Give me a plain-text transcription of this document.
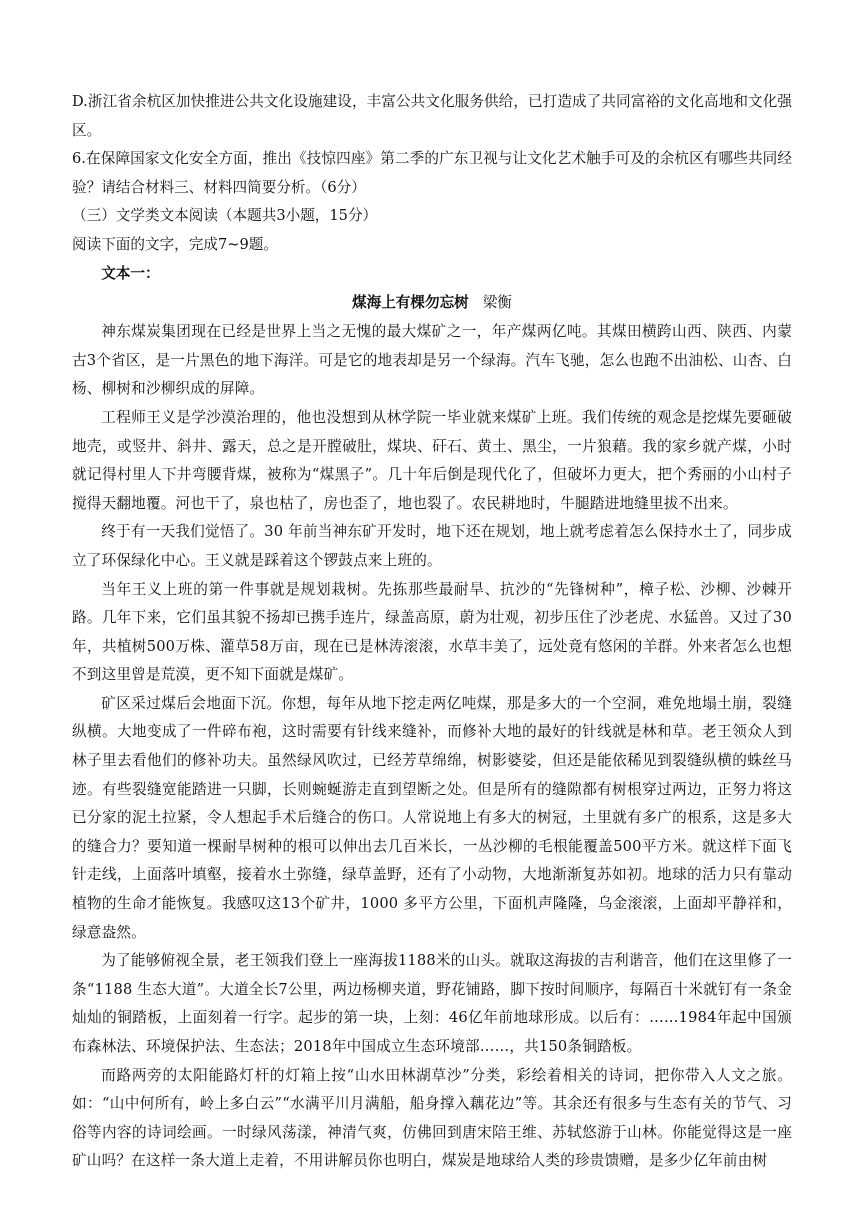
D.浙江省余杭区加快推进公共文化设施建设，丰富公共文化服务供给，已打造成了共同富裕的文化高地和文化强区。

6.在保障国家文化安全方面，推出《技惊四座》第二季的广东卫视与让文化艺术触手可及的余杭区有哪些共同经验？请结合材料三、材料四简要分析。（6分）

（三）文学类文本阅读（本题共3小题，15分）

阅读下面的文字，完成7~9题。

文本一：

煤海上有棵勿忘树 梁衡

神东煤炭集团现在已经是世界上当之无愧的最大煤矿之一，年产煤两亿吨。其煤田横跨山西、陕西、内蒙古3个省区，是一片黑色的地下海洋。可是它的地表却是另一个绿海。汽车飞驰，怎么也跑不出油松、山杏、白杨、柳树和沙柳织成的屏障。

工程师王义是学沙漠治理的，他也没想到从林学院一毕业就来煤矿上班。我们传统的观念是挖煤先要砸破地壳，或竖井、斜井、露天，总之是开膛破肚，煤块、矸石、黄土、黑尘，一片狼藉。我的家乡就产煤，小时就记得村里人下井弯腰背煤，被称为“煤黑子”。几十年后倒是现代化了，但破坏力更大，把个秀丽的小山村子搅得天翻地覆。河也干了，泉也枯了，房也歪了，地也裂了。农民耕地时，牛腿踏进地缝里拔不出来。

终于有一天我们觉悟了。30 年前当神东矿开发时，地下还在规划，地上就考虑着怎么保持水土了，同步成立了环保绿化中心。王义就是踩着这个锣鼓点来上班的。

当年王义上班的第一件事就是规划栽树。先拣那些最耐旱、抗沙的“先锋树种”，樟子松、沙柳、沙棘开路。几年下来，它们虽其貌不扬却已携手连片，绿盖高原，蔚为壮观，初步压住了沙老虎、水猛兽。又过了30年，共植树500万株、灌草58万亩，现在已是林涛滚滚，水草丰美了，远处竟有悠闲的羊群。外来者怎么也想不到这里曾是荒漠，更不知下面就是煤矿。

矿区采过煤后会地面下沉。你想，每年从地下挖走两亿吨煤，那是多大的一个空洞，难免地塌土崩，裂缝纵横。大地变成了一件碎布袍，这时需要有针线来缝补，而修补大地的最好的针线就是林和草。老王领众人到林子里去看他们的修补功夫。虽然绿风吹过，已经芳草绵绵，树影婆娑，但还是能依稀见到裂缝纵横的蛛丝马迹。有些裂缝宽能踏进一只脚，长则蜿蜒游走直到望断之处。但是所有的缝隙都有树根穿过两边，正努力将这已分家的泥土拉紧，令人想起手术后缝合的伤口。人常说地上有多大的树冠，土里就有多广的根系，这是多大的缝合力？要知道一棵耐旱树种的根可以伸出去几百米长，一丛沙柳的毛根能覆盖500平方米。就这样下面飞针走线，上面落叶填壑，接着水土弥缝，绿草盖野，还有了小动物，大地渐渐复苏如初。地球的活力只有靠动植物的生命才能恢复。我感叹这13个矿井，1000 多平方公里，下面机声隆隆，乌金滚滚，上面却平静祥和，绿意盎然。

为了能够俯视全景，老王领我们登上一座海拔1188米的山头。就取这海拔的吉利谐音，他们在这里修了一条“1188 生态大道”。大道全长7公里，两边杨柳夹道，野花铺路，脚下按时间顺序，每隔百十米就钉有一条金灿灿的铜踏板，上面刻着一行字。起步的第一块，上刻：46亿年前地球形成。以后有：……1984年起中国颁布森林法、环境保护法、生态法；2018年中国成立生态环境部……，共150条铜踏板。

而路两旁的太阳能路灯杆的灯箱上按“山水田林湖草沙”分类，彩绘着相关的诗词，把你带入人文之旅。如：“山中何所有，岭上多白云”“水满平川月满船，船身撑入藕花边”等。其余还有很多与生态有关的节气、习俗等内容的诗词绘画。一时绿风荡漾，神清气爽，仿佛回到唐宋陪王维、苏轼悠游于山林。你能觉得这是一座矿山吗？在这样一条大道上走着，不用讲解员你也明白，煤炭是地球给人类的珍贵馈赠，是多少亿年前由树
